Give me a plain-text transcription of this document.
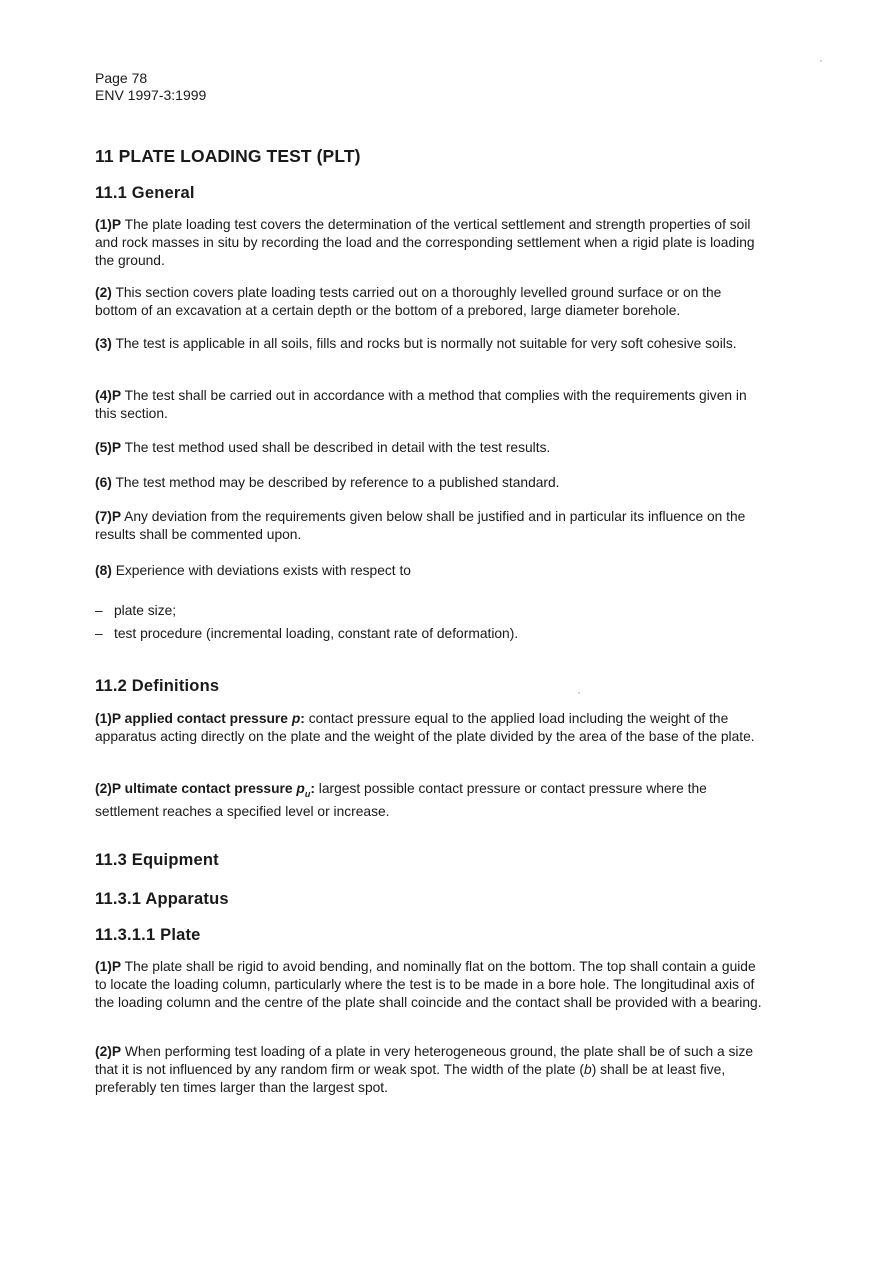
Page 78
ENV 1997-3:1999
11 PLATE LOADING TEST (PLT)
11.1 General
(1)P The plate loading test covers the determination of the vertical settlement and strength properties of soil and rock masses in situ by recording the load and the corresponding settlement when a rigid plate is loading the ground.
(2) This section covers plate loading tests carried out on a thoroughly levelled ground surface or on the bottom of an excavation at a certain depth or the bottom of a prebored, large diameter borehole.
(3) The test is applicable in all soils, fills and rocks but is normally not suitable for very soft cohesive soils.
(4)P The test shall be carried out in accordance with a method that complies with the requirements given in this section.
(5)P The test method used shall be described in detail with the test results.
(6) The test method may be described by reference to a published standard.
(7)P Any deviation from the requirements given below shall be justified and in particular its influence on the results shall be commented upon.
(8) Experience with deviations exists with respect to
– plate size;
– test procedure (incremental loading, constant rate of deformation).
11.2 Definitions
(1)P applied contact pressure p: contact pressure equal to the applied load including the weight of the apparatus acting directly on the plate and the weight of the plate divided by the area of the base of the plate.
(2)P ultimate contact pressure $p_u$: largest possible contact pressure or contact pressure where the settlement reaches a specified level or increase.
11.3 Equipment
11.3.1 Apparatus
11.3.1.1 Plate
(1)P The plate shall be rigid to avoid bending, and nominally flat on the bottom. The top shall contain a guide to locate the loading column, particularly where the test is to be made in a bore hole. The longitudinal axis of the loading column and the centre of the plate shall coincide and the contact shall be provided with a bearing.
(2)P When performing test loading of a plate in very heterogeneous ground, the plate shall be of such a size that it is not influenced by any random firm or weak spot. The width of the plate (b) shall be at least five, preferably ten times larger than the largest spot.
